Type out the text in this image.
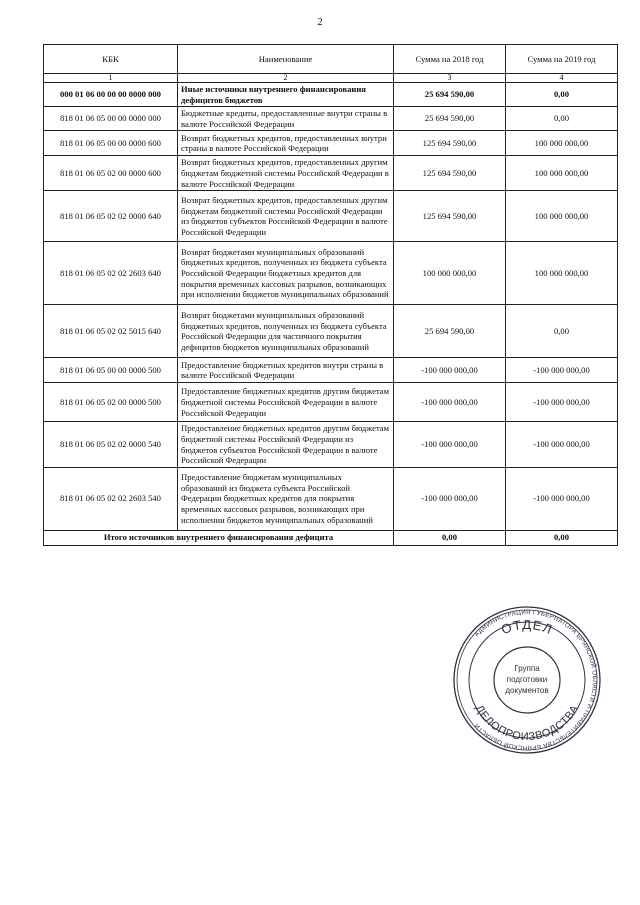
2
КБК	Наименование	Сумма на 2018 год	Сумма на 2019 год
1	2	3	4
000 01 06 00 00 00 0000 000	Иные источники внутреннего финансирования дефицитов бюджетов	25 694 590,00	0,00
818 01 06 05 00 00 0000 000	Бюджетные кредиты, предоставленные внутри страны в валюте Российской Федерации	25 694 590,00	0,00
818 01 06 05 00 00 0000 600	Возврат бюджетных кредитов, предоставленных внутри страны в валюте Российской Федерации	125 694 590,00	100 000 000,00
818 01 06 05 02 00 0000 600	Возврат бюджетных кредитов, предоставленных другим бюджетам бюджетной системы Российской Федерации в валюте Российской Федерации	125 694 590,00	100 000 000,00
818 01 06 05 02 02 0000 640	Возврат бюджетных кредитов, предоставленных другим бюджетам бюджетной системы Российской Федерации из бюджетов субъектов Российской Федерации в валюте Российской Федерации	125 694 590,00	100 000 000,00
818 01 06 05 02 02 2603 640	Возврат бюджетами муниципальных образований бюджетных кредитов, полученных из бюджета субъекта Российской Федерации бюджетных кредитов для покрытия временных кассовых разрывов, возникающих при исполнении бюджетов муниципальных образований	100 000 000,00	100 000 000,00
818 01 06 05 02 02 5015 640	Возврат бюджетами муниципальных образований бюджетных кредитов, полученных из бюджета субъекта Российской Федерации для частичного покрытия дефицитов бюджетов муниципальных образований	25 694 590,00	0,00
818 01 06 05 00 00 0000 500	Предоставление бюджетных кредитов внутри страны в валюте Российской Федерации	-100 000 000,00	-100 000 000,00
818 01 06 05 02 00 0000 500	Предоставление бюджетных кредитов другим бюджетам бюджетной системы Российской Федерации в валюте Российской Федерации	-100 000 000,00	-100 000 000,00
818 01 06 05 02 02 0000 540	Предоставление бюджетных кредитов другим бюджетам бюджетной системы Российской Федерации из бюджетов субъектов Российской Федерации в валюте Российской Федерации	-100 000 000,00	-100 000 000,00
818 01 06 05 02 02 2603 540	Предоставление бюджетам муниципальных образований из бюджета субъекта Российской Федерации бюджетных кредитов для покрытия временных кассовых разрывов, возникающих при исполнении бюджетов муниципальных образований	-100 000 000,00	-100 000 000,00
Итого источников внутреннего финансирования дефицита		0,00	0,00
АДМИНИСТРАЦИЯ ГУБЕРНАТОРА БРЯНСКОЙ ОБЛАСТИ И ПРАВИТЕЛЬСТВА БРЯНСКОЙ ОБЛАСТИ
ОТДЕЛ
ДЕЛОПРОИЗВОДСТВА
Группа
подготовки
документов
